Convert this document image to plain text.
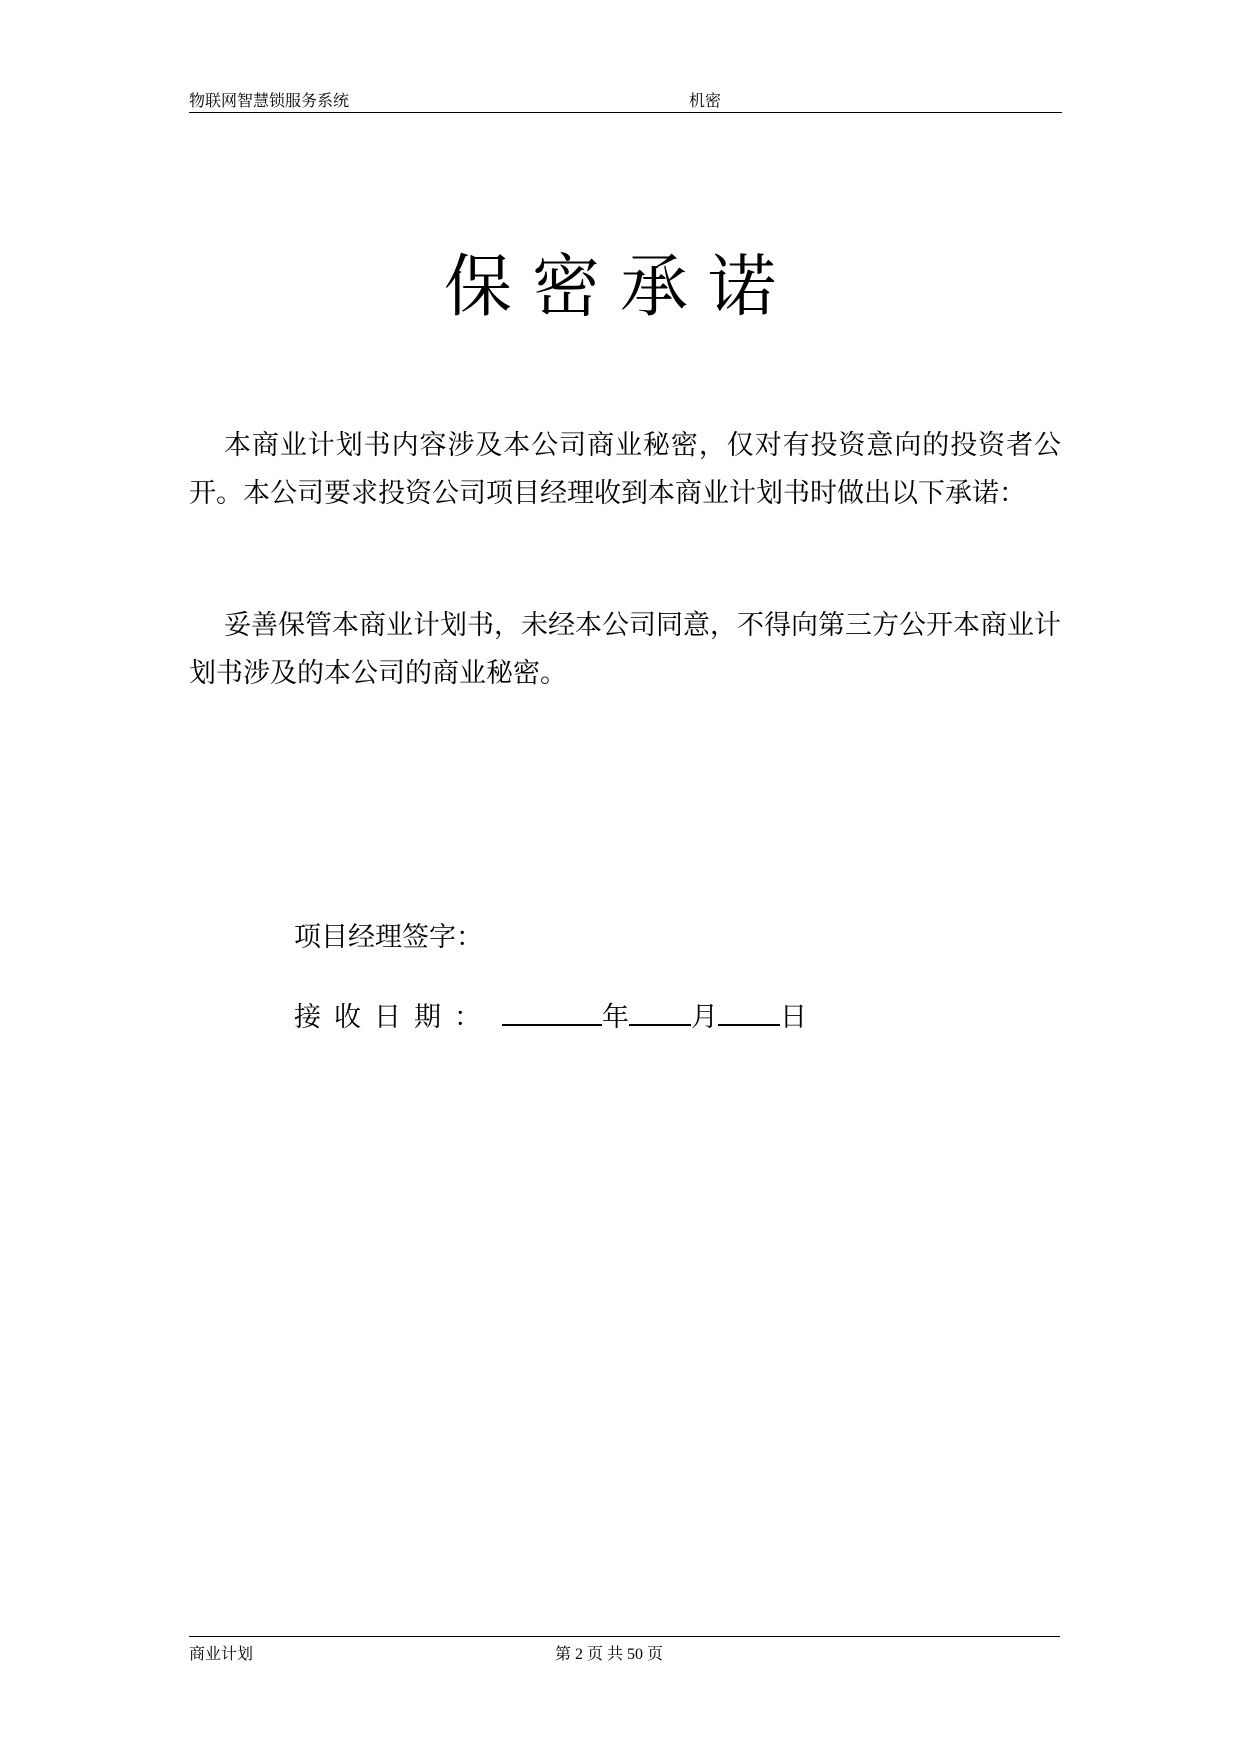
物联网智慧锁服务系统	机密
保密承诺

本商业计划书内容涉及本公司商业秘密，仅对有投资意向的投资者公开。本公司要求投资公司项目经理收到本商业计划书时做出以下承诺：

妥善保管本商业计划书，未经本公司同意，不得向第三方公开本商业计划书涉及的本公司的商业秘密。

项目经理签字：
接收日期：	年 月 日
商业计划	第 2 页 共 50 页
